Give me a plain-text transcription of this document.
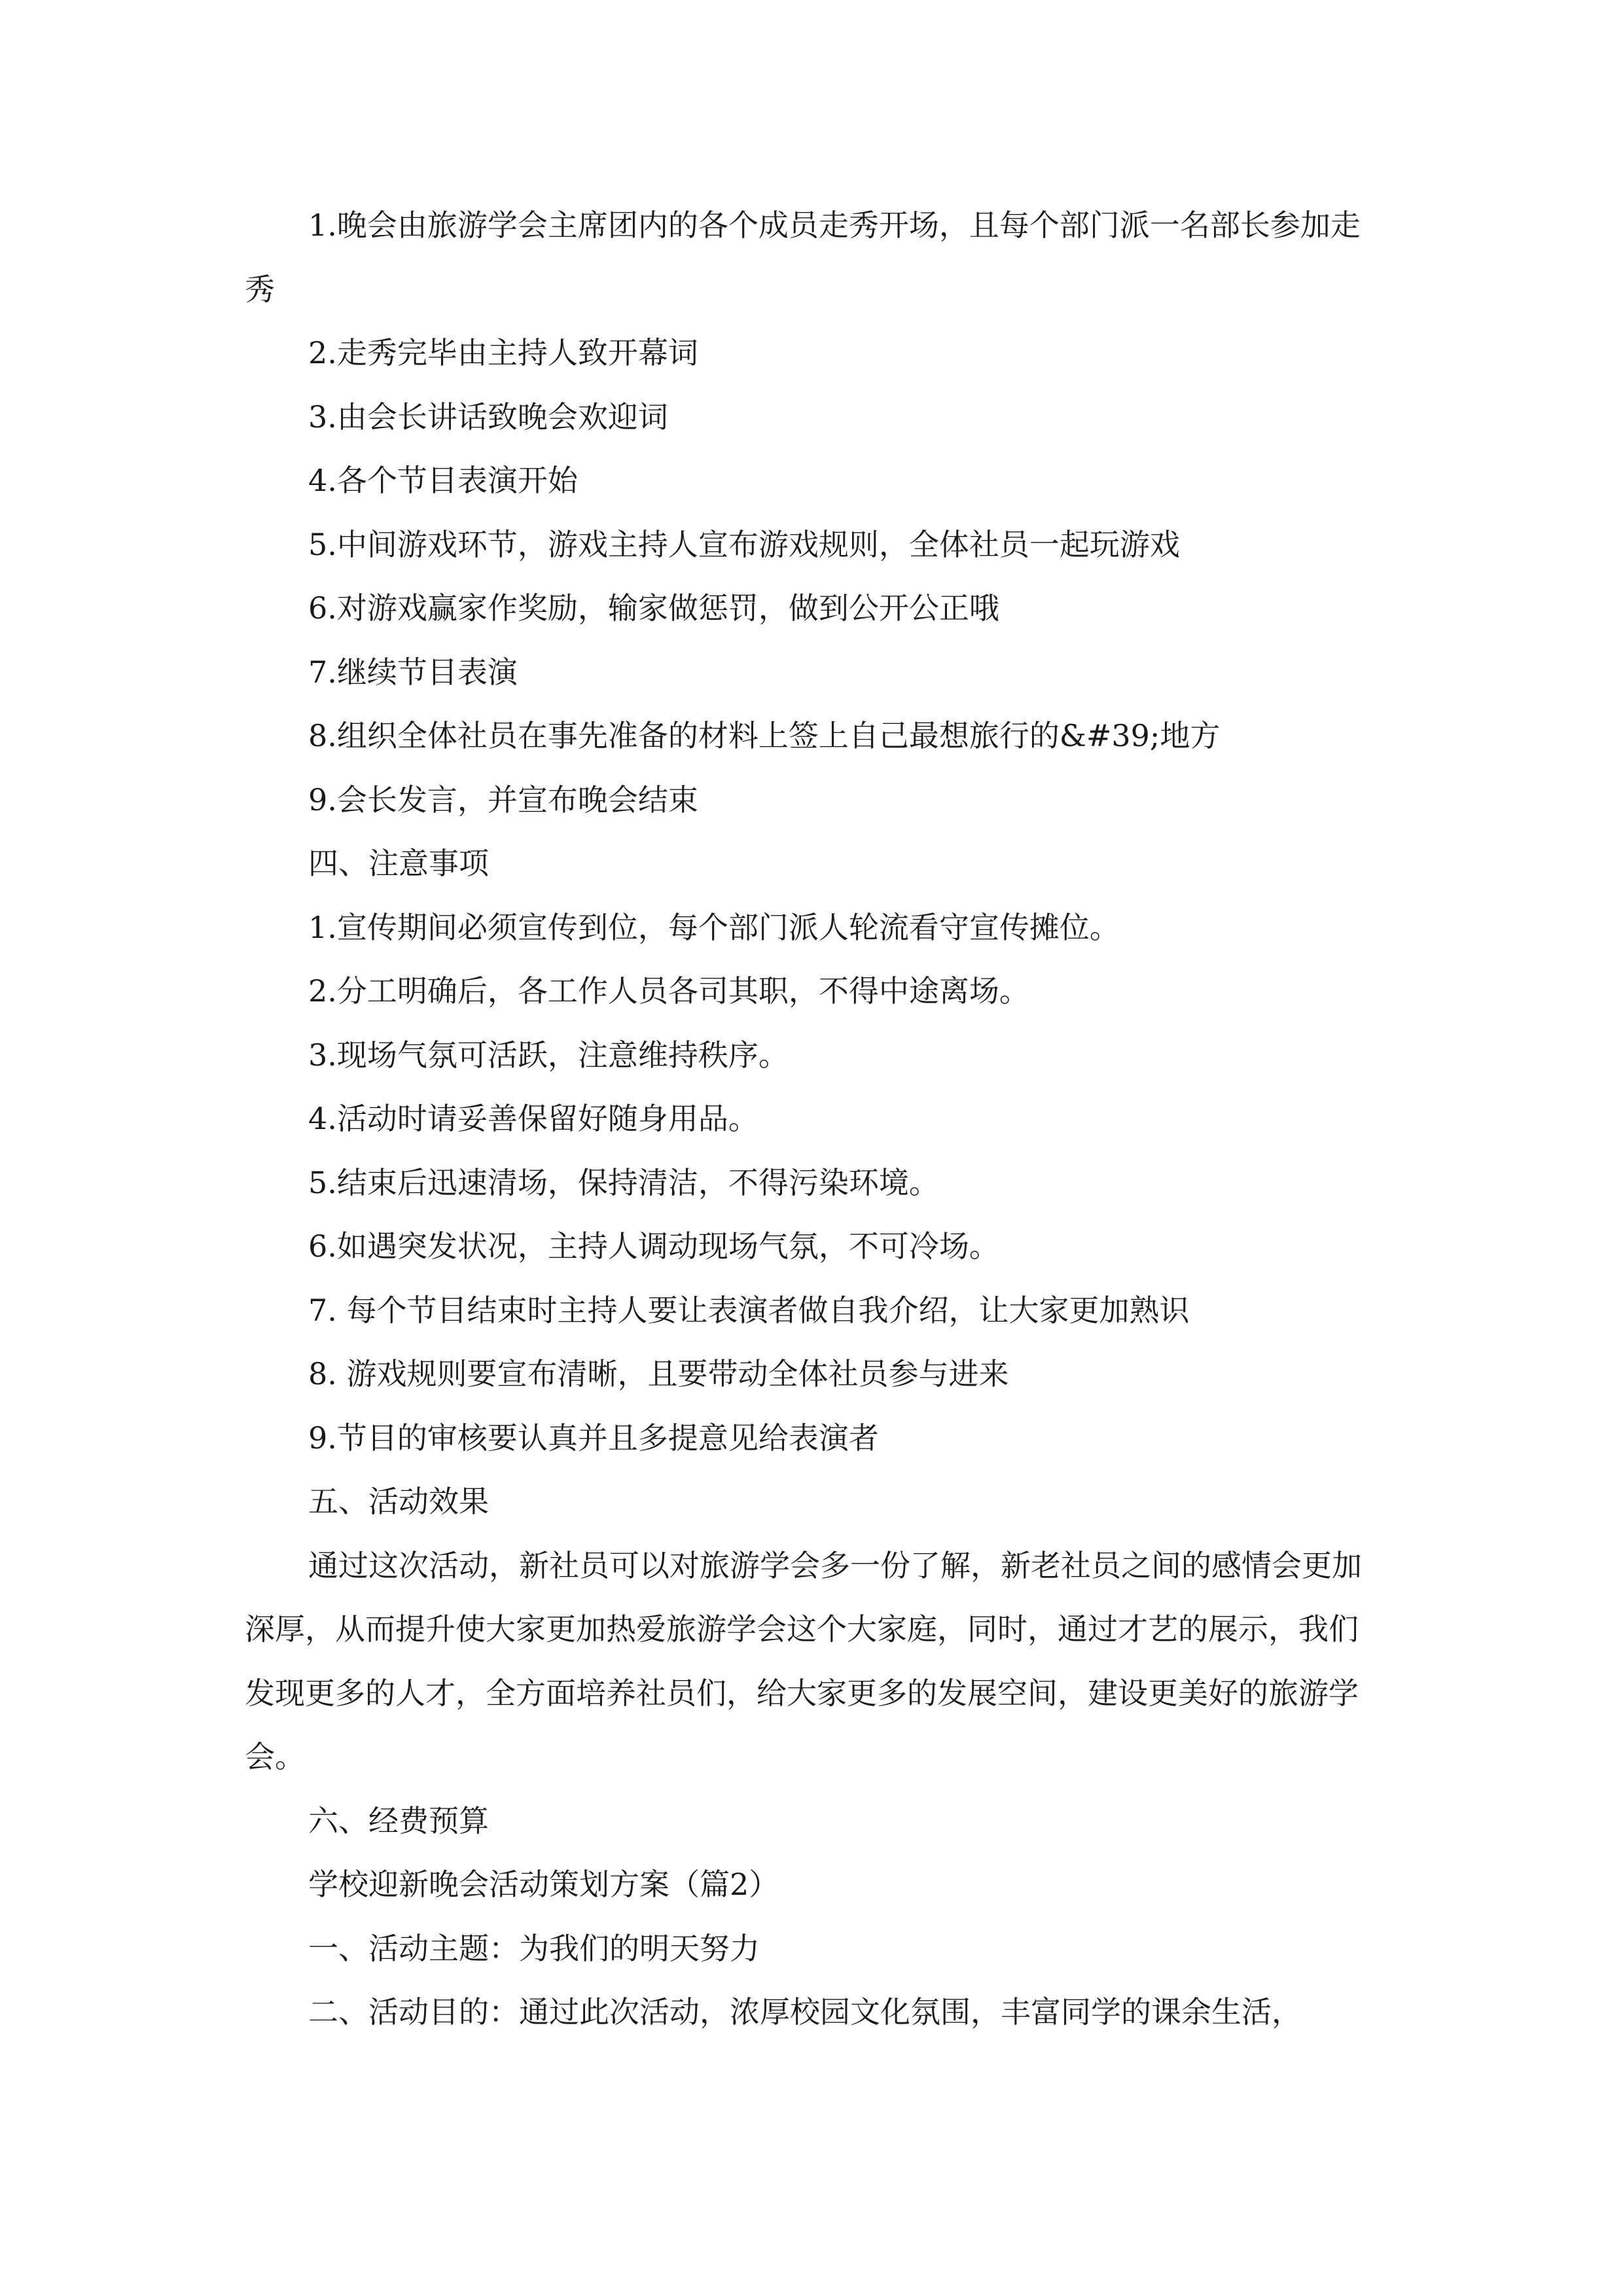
1.晚会由旅游学会主席团内的各个成员走秀开场，且每个部门派一名部长参加走秀

2.走秀完毕由主持人致开幕词

3.由会长讲话致晚会欢迎词

4.各个节目表演开始

5.中间游戏环节，游戏主持人宣布游戏规则，全体社员一起玩游戏

6.对游戏赢家作奖励，输家做惩罚，做到公开公正哦

7.继续节目表演

8.组织全体社员在事先准备的材料上签上自己最想旅行的&#39;地方

9.会长发言，并宣布晚会结束

四、注意事项

1.宣传期间必须宣传到位，每个部门派人轮流看守宣传摊位。

2.分工明确后，各工作人员各司其职，不得中途离场。

3.现场气氛可活跃，注意维持秩序。

4.活动时请妥善保留好随身用品。

5.结束后迅速清场，保持清洁，不得污染环境。

6.如遇突发状况，主持人调动现场气氛，不可冷场。

7. 每个节目结束时主持人要让表演者做自我介绍，让大家更加熟识

8. 游戏规则要宣布清晰，且要带动全体社员参与进来

9.节目的审核要认真并且多提意见给表演者

五、活动效果

通过这次活动，新社员可以对旅游学会多一份了解，新老社员之间的感情会更加深厚，从而提升使大家更加热爱旅游学会这个大家庭，同时，通过才艺的展示，我们发现更多的人才，全方面培养社员们，给大家更多的发展空间，建设更美好的旅游学会。

六、经费预算

学校迎新晚会活动策划方案（篇2）

一、活动主题：为我们的明天努力

二、活动目的：通过此次活动，浓厚校园文化氛围，丰富同学的课余生活，
